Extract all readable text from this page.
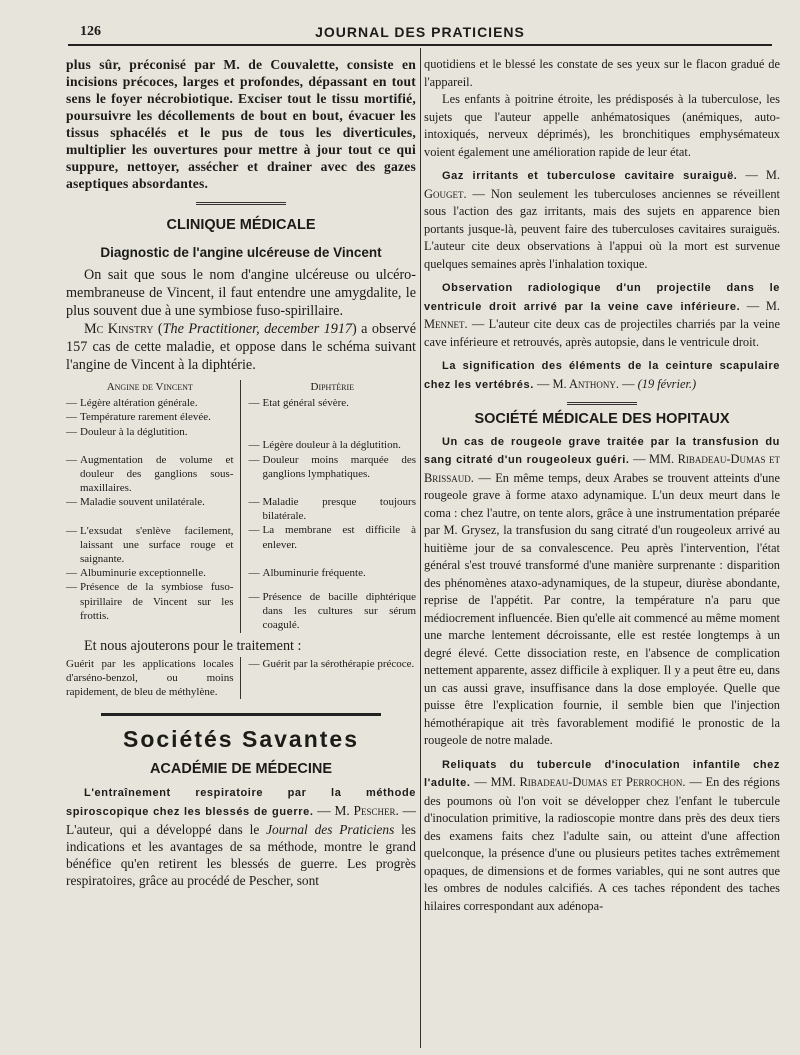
126	JOURNAL DES PRATICIENS

plus sûr, préconisé par M. de Couvalette, consiste en incisions précoces, larges et profondes, dépassant en tout sens le foyer nécrobiotique. Exciser tout le tissu mortifié, poursuivre les décollements de bout en bout, évacuer les tissus sphacélés et le pus de tous les diverticules, multiplier les ouvertures pour mettre à jour tout ce qui suppure, nettoyer, assécher et drainer avec des gazes aseptiques absordantes.

CLINIQUE MÉDICALE
Diagnostic de l'angine ulcéreuse de Vincent

On sait que sous le nom d'angine ulcéreuse ou ulcéro-membraneuse de Vincent, il faut entendre une amygdalite, le plus souvent due à une symbiose fuso-spirillaire.

Mc Kinstry (The Practitioner, december 1917) a observé 157 cas de cette maladie, et oppose dans le schéma suivant l'angine de Vincent à la diphtérie.

Angine de Vincent
— Légère altération générale.
— Température rarement élevée.
— Douleur à la déglutition.
— Augmentation de volume et douleur des ganglions sous-maxillaires.
— Maladie souvent unilatérale.
— L'exsudat s'enlève facilement, laissant une surface rouge et saignante.
— Albuminurie exceptionnelle.
— Présence de la symbiose fuso-spirillaire de Vincent sur les frottis.
Diphtérie
— Etat général sévère.
— Légère douleur à la déglutition.
— Douleur moins marquée des ganglions lymphatiques.
— Maladie presque toujours bilatérale.
— La membrane est difficile à enlever.
— Albuminurie fréquente.
— Présence de bacille diphtérique dans les cultures sur sérum coagulé.

Et nous ajouterons pour le traitement :

Guérit par les applications locales d'arséno-benzol, ou moins rapidement, de bleu de méthylène.
— Guérit par la sérothérapie précoce.
Sociétés Savantes
ACADÉMIE DE MÉDECINE

L'entraînement respiratoire par la méthode spiroscopique chez les blessés de guerre. — M. Pescher. — L'auteur, qui a développé dans le Journal des Praticiens les indications et les avantages de sa méthode, montre le grand bénéfice qu'en retirent les blessés de guerre. Les progrès respiratoires, grâce au procédé de Pescher, sont

quotidiens et le blessé les constate de ses yeux sur le flacon gradué de l'appareil.

Les enfants à poitrine étroite, les prédisposés à la tuberculose, les sujets que l'auteur appelle anhématosiques (anémiques, auto-intoxiqués, nerveux déprimés), les bronchitiques emphysémateux voient également une amélioration rapide de leur état.

Gaz irritants et tuberculose cavitaire suraiguë. — M. Gouget. — Non seulement les tuberculoses anciennes se réveillent sous l'action des gaz irritants, mais des sujets en apparence bien portants jusque-là, peuvent faire des tuberculoses cavitaires suraiguës. L'auteur cite deux observations à l'appui où la mort est survenue quelques semaines après l'inhalation toxique.

Observation radiologique d'un projectile dans le ventricule droit arrivé par la veine cave inférieure. — M. Mennet. — L'auteur cite deux cas de projectiles charriés par la veine cave inférieure et retrouvés, après autopsie, dans le ventricule droit.

La signification des éléments de la ceinture scapulaire chez les vertébrés. — M. Anthony. — (19 février.)

SOCIÉTÉ MÉDICALE DES HOPITAUX

Un cas de rougeole grave traitée par la transfusion du sang citraté d'un rougeoleux guéri. — MM. Ribadeau-Dumas et Brissaud. — En même temps, deux Arabes se trouvent atteints d'une rougeole grave à forme ataxo adynamique. L'un deux meurt dans le coma : chez l'autre, on tente alors, grâce à une instrumentation préparée par M. Grysez, la transfusion du sang citraté d'un rougeoleux arrivé au huitième jour de sa convalescence. Peu après l'intervention, l'état général s'est trouvé transformé d'une manière surprenante : disparition des phénomènes ataxo-adynamiques, de la stupeur, diurèse abondante, reprise de l'appétit. Par contre, la température n'a paru que médiocrement influencée. Bien qu'elle ait commencé au même moment une marche lentement décroissante, elle est restée longtemps à un degré élevé. Cette dissociation reste, en l'absence de complication nettement apparente, assez difficile à expliquer. Il y a peut être eu, dans un cas aussi grave, insuffisance dans la dose employée. Quelle que puisse être l'explication fournie, il semble bien que l'injection hémothérapique ait très favorablement modifié le pronostic de la rougeole de notre malade.

Reliquats du tubercule d'inoculation infantile chez l'adulte. — MM. Ribadeau-Dumas et Perrochon. — En des régions des poumons où l'on voit se développer chez l'enfant le tubercule d'inoculation primitive, la radioscopie montre dans près des deux tiers des examens faits chez l'adulte sain, ou atteint d'une affection quelconque, la présence d'une ou plusieurs petites taches extrêmement opaques, de dimensions et de formes variables, qui ne sont autres que les ombres de nodules calcifiés. A ces taches répondent des taches hilaires correspondant aux adénopa-
